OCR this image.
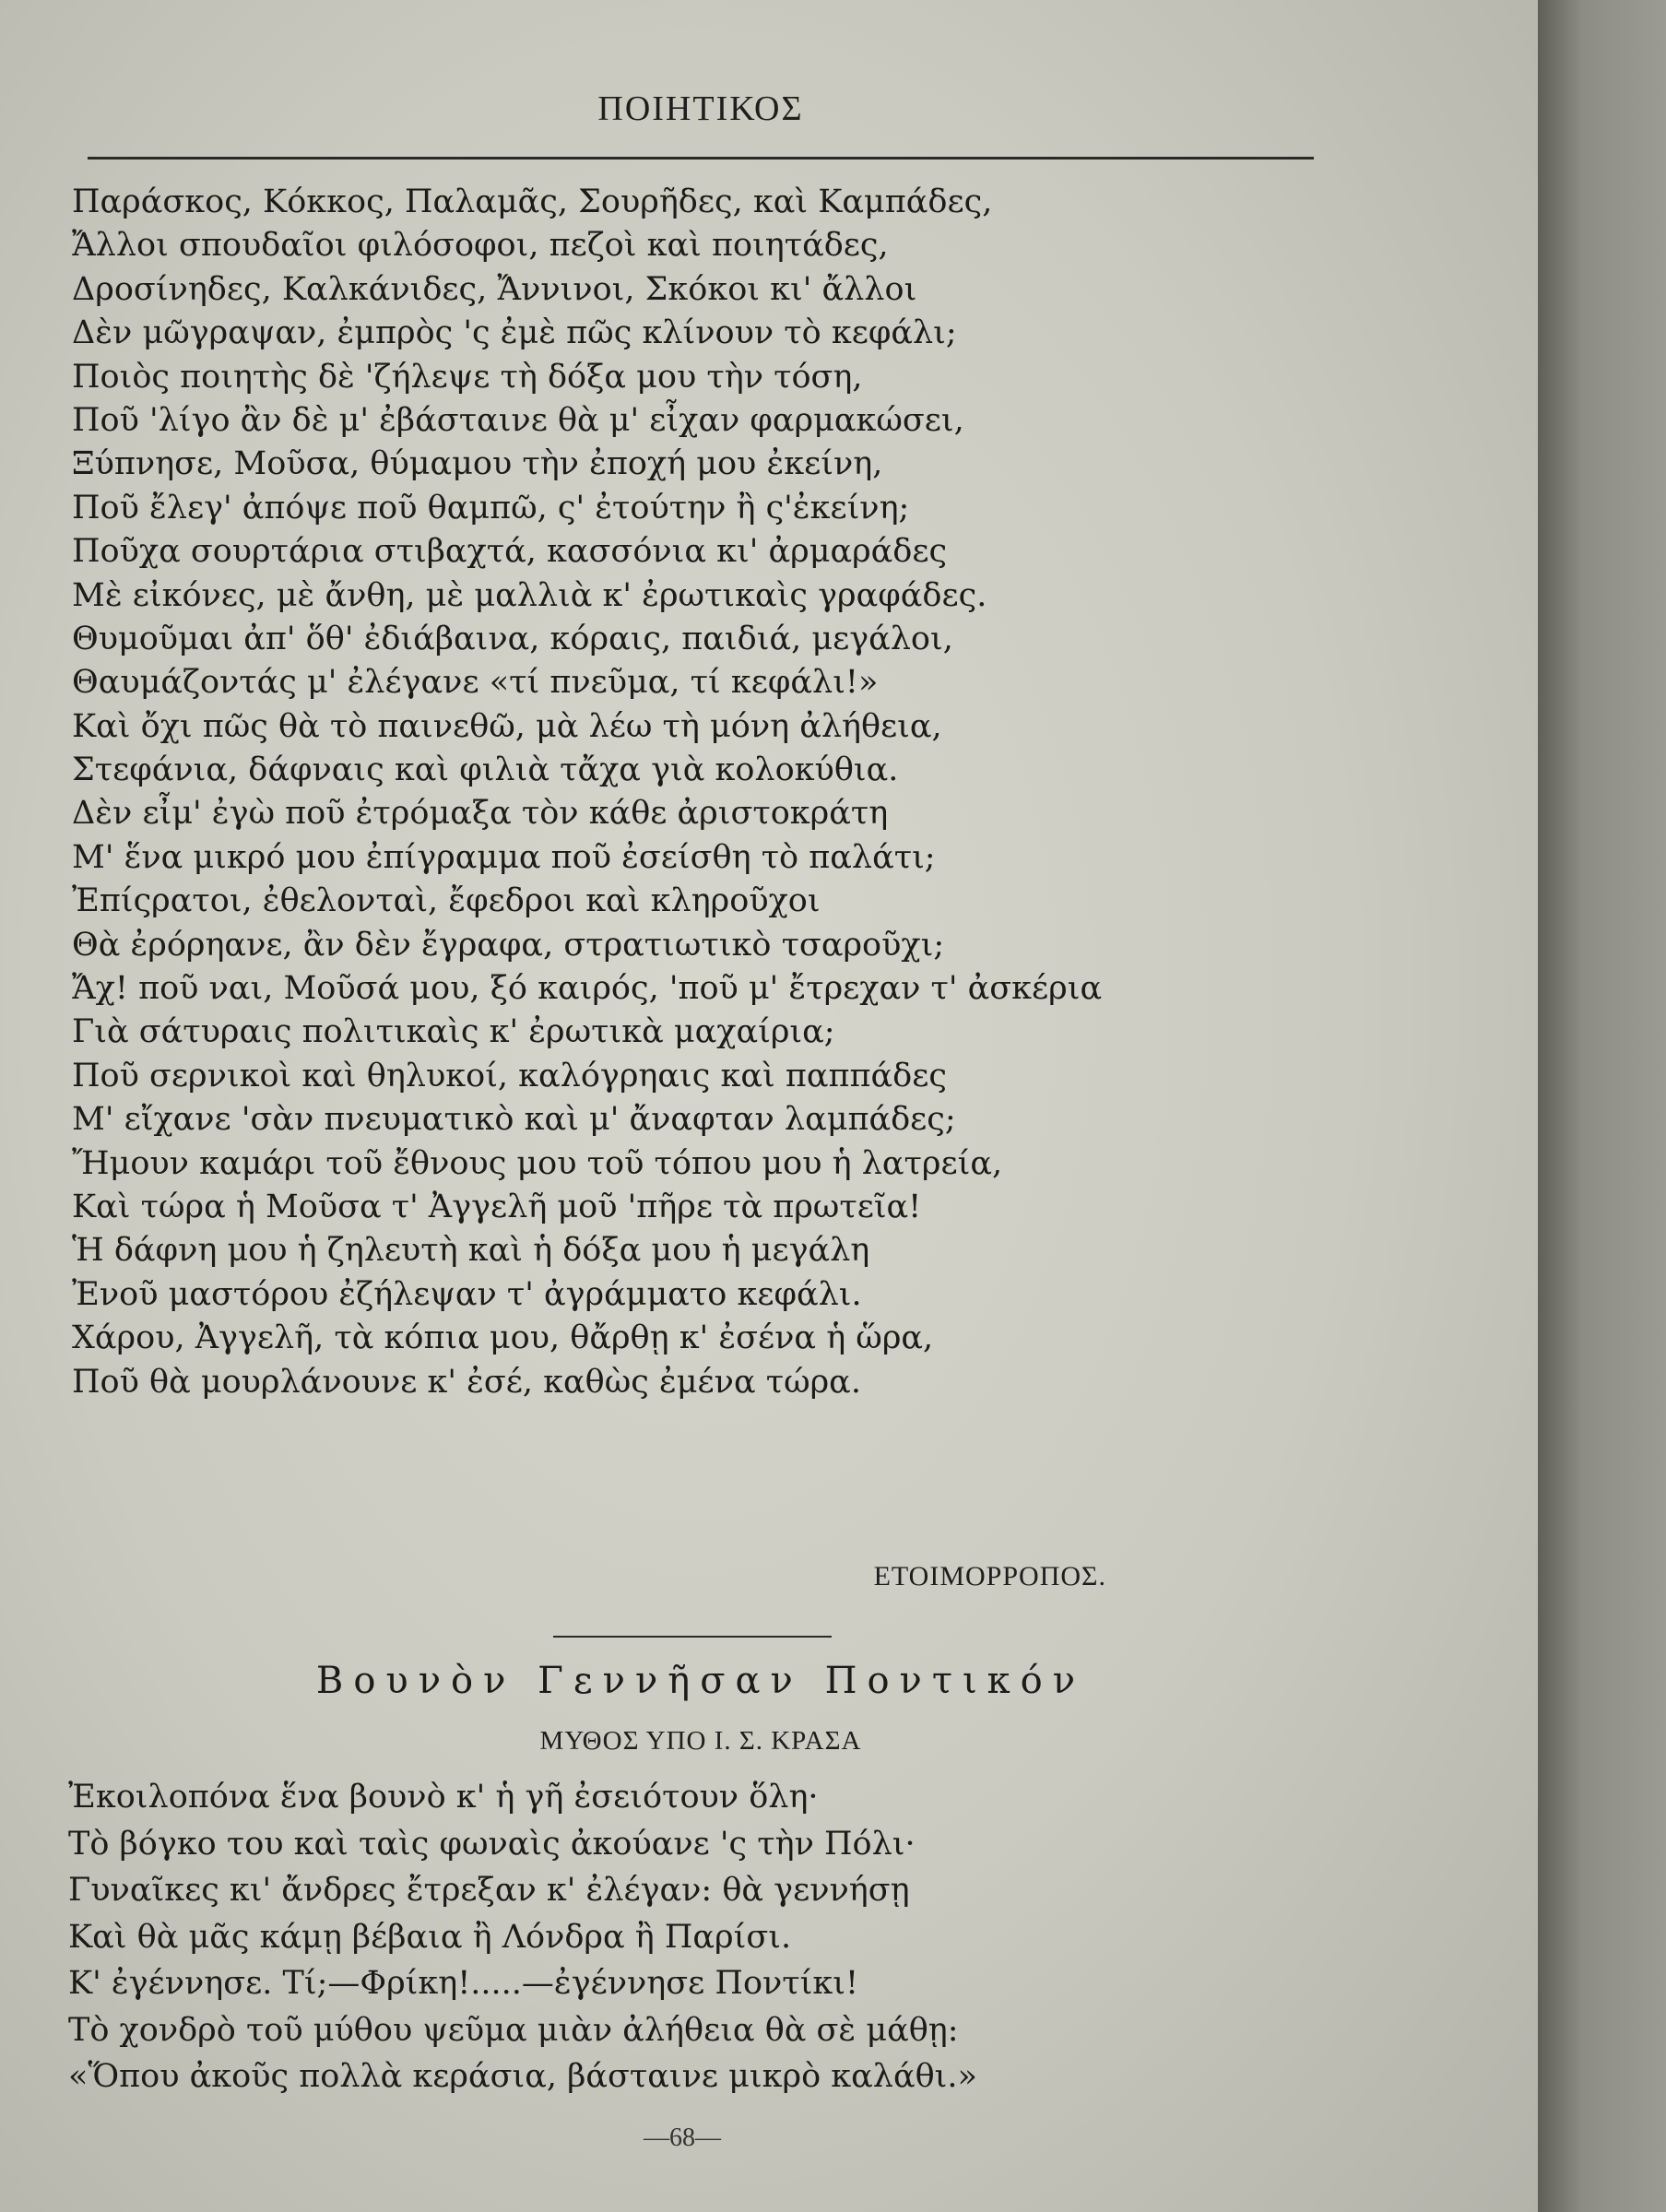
ΠΟΙΗΤΙΚΟΣ
Παράσκος, Κόκκος, Παλαμᾶς, Σουρῆδες, καὶ Καμπάδες,
Ἄλλοι σπουδαῖοι φιλόσοφοι, πεζοὶ καὶ ποιητάδες,
Δροσίνηδες, Καλκάνιδες, Ἄννινοι, Σκόκοι κι' ἄλλοι
Δὲν μῶγραψαν, ἐμπρὸς 'ς ἐμὲ πῶς κλίνουν τὸ κεφάλι;
Ποιὸς ποιητὴς δὲ 'ζήλεψε τὴ δόξα μου τὴν τόση,
Ποῦ 'λίγο ἂν δὲ μ' ἐβάσταινε θὰ μ' εἶχαν φαρμακώσει,
Ξύπνησε, Μοῦσα, θύμαμου τὴν ἐποχή μου ἐκείνη,
Ποῦ ἔλεγ' ἀπόψε ποῦ θαμπῶ, ς' ἐτούτην ἢ ς'ἐκείνη;
Ποῦχα σουρτάρια στιβαχτά, κασσόνια κι' ἀρμαράδες
Μὲ εἰκόνες, μὲ ἄνθη, μὲ μαλλιὰ κ' ἐρωτικαὶς γραφάδες.
Θυμοῦμαι ἀπ' ὅθ' ἐδιάβαινα, κόραις, παιδιά, μεγάλοι,
Θαυμάζοντάς μ' ἐλέγανε «τί πνεῦμα, τί κεφάλι!»
Καὶ ὄχι πῶς θὰ τὸ παινεθῶ, μὰ λέω τὴ μόνη ἀλήθεια,
Στεφάνια, δάφναις καὶ φιλιὰ τἄχα γιὰ κολοκύθια.
Δὲν εἶμ' ἐγὼ ποῦ ἐτρόμαξα τὸν κάθε ἀριστοκράτη
Μ' ἕνα μικρό μου ἐπίγραμμα ποῦ ἐσείσθη τὸ παλάτι;
Ἐπίςρατοι, ἐθελονταὶ, ἔφεδροι καὶ κληροῦχοι
Θὰ ἐρόρηανε, ἂν δὲν ἔγραφα, στρατιωτικὸ τσαροῦχι;
Ἄχ! ποῦ ναι, Μοῦσά μου, ξό καιρός, 'ποῦ μ' ἔτρεχαν τ' ἀσκέρια
Γιὰ σάτυραις πολιτικαὶς κ' ἐρωτικὰ μαχαίρια;
Ποῦ σερνικοὶ καὶ θηλυκοί, καλόγρηαις καὶ παππάδες
Μ' εἴχανε 'σὰν πνευματικὸ καὶ μ' ἄναφταν λαμπάδες;
Ἤμουν καμάρι τοῦ ἔθνους μου τοῦ τόπου μου ἡ λατρεία,
Καὶ τώρα ἡ Μοῦσα τ' Ἀγγελῆ μοῦ 'πῆρε τὰ πρωτεῖα!
Ἡ δάφνη μου ἡ ζηλευτὴ καὶ ἡ δόξα μου ἡ μεγάλη
Ἐνοῦ μαστόρου ἐζήλεψαν τ' ἀγράμματο κεφάλι.
Χάρου, Ἀγγελῆ, τὰ κόπια μου, θἄρθῃ κ' ἐσένα ἡ ὥρα,
Ποῦ θὰ μουρλάνουνε κ' ἐσέ, καθὼς ἐμένα τώρα.
ΕΤΟΙΜΟΡΡΟΠΟΣ.
Βουνὸν Γεννῆσαν Ποντικόν
ΜΥΘΟΣ ΥΠΟ Ι. Σ. ΚΡΑΣΑ
Ἐκοιλοπόνα ἕνα βουνὸ κ' ἡ γῆ ἐσειότουν ὅλη·
Τὸ βόγκο του καὶ ταὶς φωναὶς ἀκούανε 'ς τὴν Πόλι·
Γυναῖκες κι' ἄνδρες ἔτρεξαν κ' ἐλέγαν: θὰ γεννήσῃ
Καὶ θὰ μᾶς κάμῃ βέβαια ἢ Λόνδρα ἢ Παρίσι.
Κ' ἐγέννησε. Τί;—Φρίκη!.....—ἐγέννησε Ποντίκι!
Τὸ χονδρὸ τοῦ μύθου ψεῦμα μιὰν ἀλήθεια θὰ σὲ μάθῃ:
«Ὅπου ἀκοῦς πολλὰ κεράσια, βάσταινε μικρὸ καλάθι.»
—68—
